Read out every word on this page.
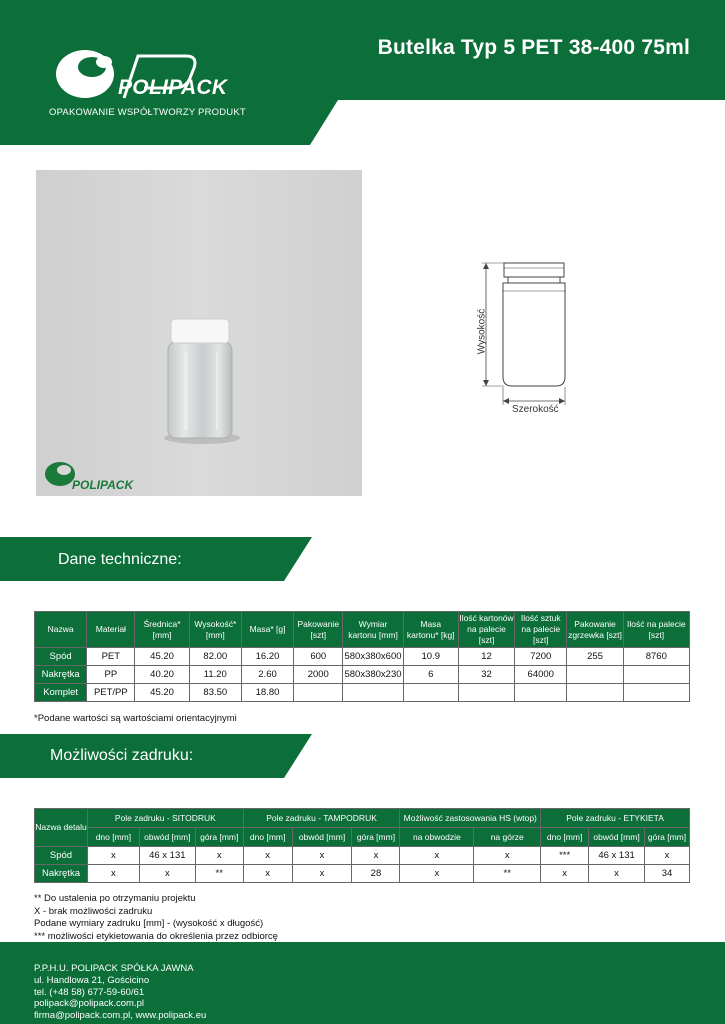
POLIPACK
OPAKOWANIE WSPÓŁTWORZY PRODUKT
Butelka Typ 5 PET 38-400 75ml
POLIPACK
Wysokość
Szerokość
Dane techniczne:
Nazwa	Materiał	Średnica* [mm]	Wysokość* [mm]	Masa* [g]	Pakowanie [szt]	Wymiar kartonu [mm]	Masa kartonu* [kg]	Ilość kartonów na palecie [szt]	Ilość sztuk na palecie [szt]	Pakowanie zgrzewka [szt]	Ilość na palecie [szt]
Spód	PET	45.20	82.00	16.20	600	580x380x600	10.9	12	7200	255	8760
Nakrętka	PP	40.20	11.20	2.60	2000	580x380x230	6	32	64000		
Komplet	PET/PP	45.20	83.50	18.80							
*Podane wartości są wartościami orientacyjnymi
Możliwości zadruku:
Nazwa detalu	Pole zadruku - SITODRUK			Pole zadruku - TAMPODRUK			Możliwość zastosowania HS (wtop)		Pole zadruku - ETYKIETA		
	dno [mm]	obwód [mm]	góra [mm]	dno [mm]	obwód [mm]	góra [mm]	na obwodzie	na górze	dno [mm]	obwód [mm]	góra [mm]
Spód	x	46 x 131	x	x	x	x	x	x	***	46 x 131	x
Nakrętka	x	x	**	x	x	28	x	**	x	x	34
** Do ustalenia po otrzymaniu projektu
X - brak możliwości zadruku
Podane wymiary zadruku [mm] - (wysokość x długość)
*** możliwości etykietowania do określenia przez odbiorcę
P.P.H.U. POLIPACK SPÓŁKA JAWNA
ul. Handlowa 21, Gościcino
tel. (+48 58) 677-59-60/61
polipack@polipack.com.pl
firma@polipack.com.pl, www.polipack.eu
